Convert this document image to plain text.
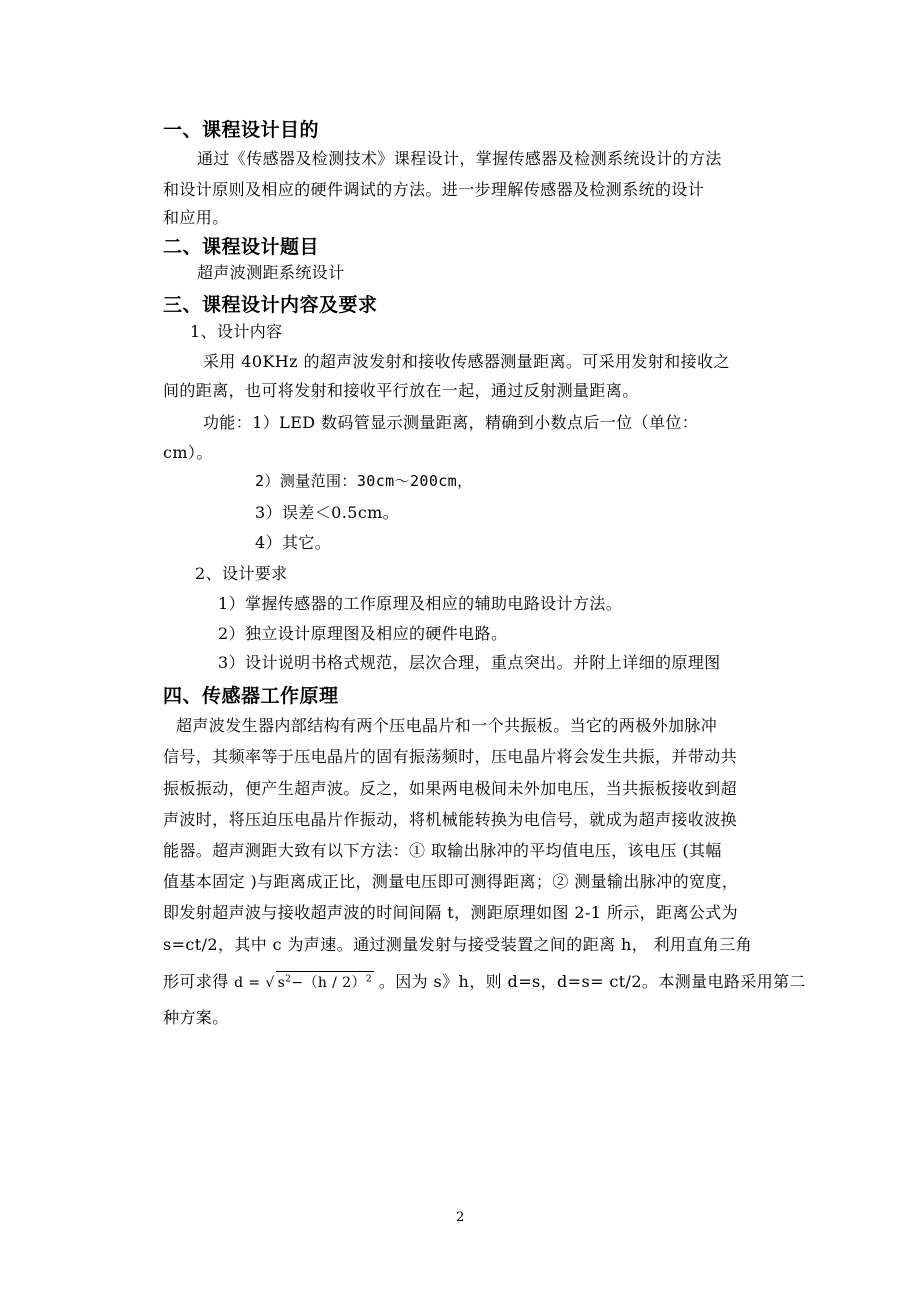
一、课程设计目的
通过《传感器及检测技术》课程设计，掌握传感器及检测系统设计的方法
和设计原则及相应的硬件调试的方法。进一步理解传感器及检测系统的设计
和应用。
二、课程设计题目
超声波测距系统设计
三、课程设计内容及要求
1、设计内容
采用 40KHz 的超声波发射和接收传感器测量距离。可采用发射和接收之
间的距离，也可将发射和接收平行放在一起，通过反射测量距离。
功能：1）LED 数码管显示测量距离，精确到小数点后一位（单位：
cm）。
2）测量范围：30cm～200cm，
3）误差＜0.5cm。
4）其它。
2、设计要求
1）掌握传感器的工作原理及相应的辅助电路设计方法。
2）独立设计原理图及相应的硬件电路。
3）设计说明书格式规范，层次合理，重点突出。并附上详细的原理图
四、传感器工作原理
超声波发生器内部结构有两个压电晶片和一个共振板。当它的两极外加脉冲
信号，其频率等于压电晶片的固有振荡频时，压电晶片将会发生共振，并带动共
振板振动，便产生超声波。反之，如果两电极间未外加电压，当共振板接收到超
声波时，将压迫压电晶片作振动，将机械能转换为电信号，就成为超声接收波换
能器。超声测距大致有以下方法：① 取输出脉冲的平均值电压，该电压 (其幅
值基本固定 )与距离成正比，测量电压即可测得距离；② 测量输出脉冲的宽度，
即发射超声波与接收超声波的时间间隔 t，测距原理如图 2-1 所示，距离公式为
s=ct/2，其中 c 为声速。通过测量发射与接受装置之间的距离 h， 利用直角三角
形可求得 d = √ $s^2-(h / 2)^2$ 。因为 s》h，则 d=s，d=s= ct/2。本测量电路采用第二
种方案。
2
